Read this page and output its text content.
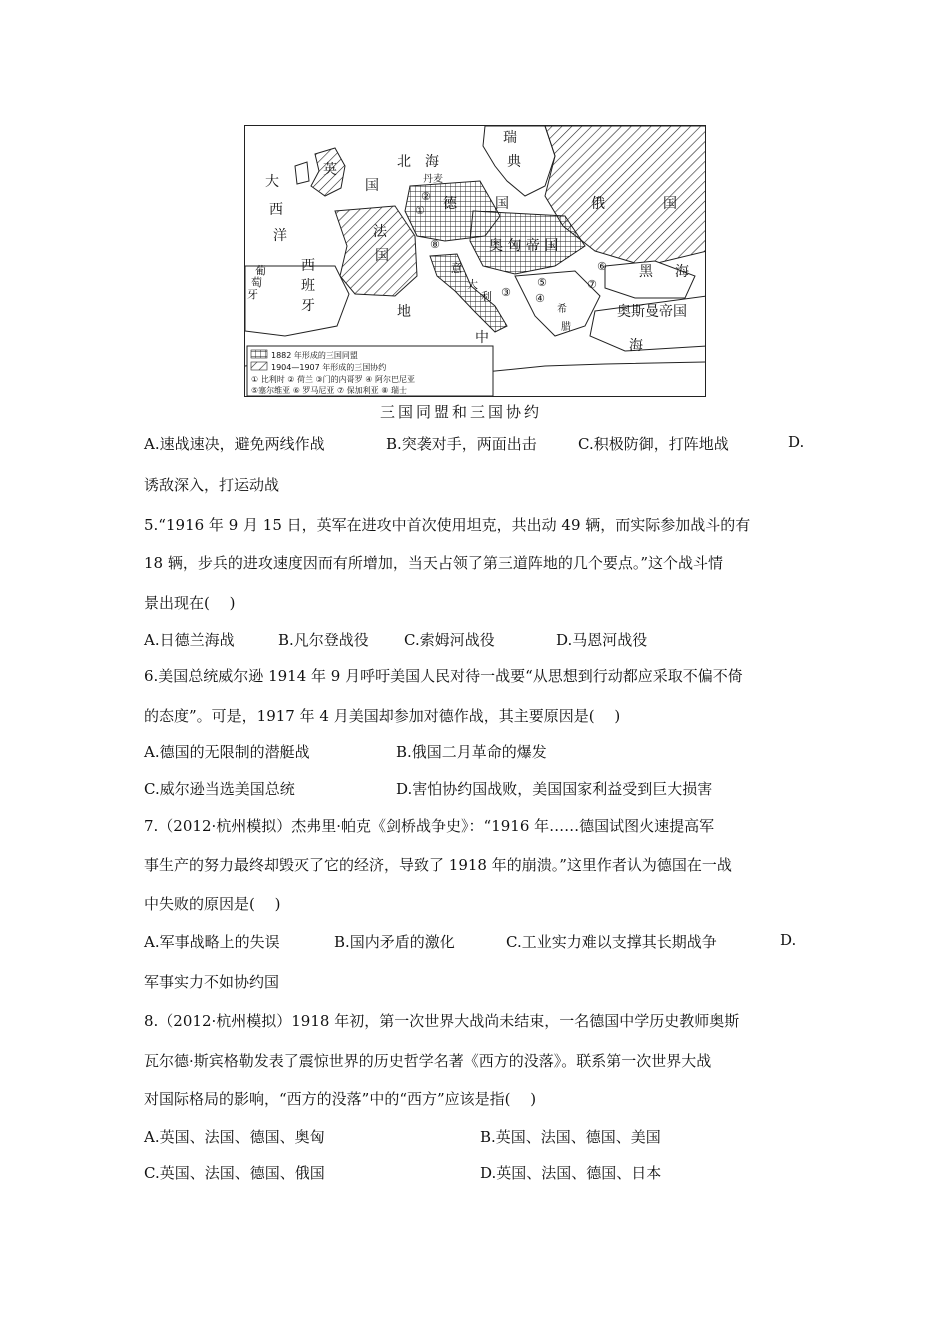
瑞
典
北 海
丹麦
英
国
大
西
洋
德	国	俄	国
法
国
奥 匈 帝 国
西
班
牙
葡
萄
牙
意
大
利
地
中
黑 海
奥斯曼帝国
希
腊
海
①
②
③ ④
⑤
⑥
⑦
⑧
1882 年形成的三国同盟
1904—1907 年形成的三国协约
① 比利时 ② 荷兰 ③门的内哥罗 ④ 阿尔巴尼亚
⑤塞尔维亚 ⑥ 罗马尼亚 ⑦ 保加利亚 ⑧ 瑞士
三国同盟和三国协约
A.速战速决，避免两线作战	B.突袭对手，两面出击	C.积极防御，打阵地战	D.
诱敌深入，打运动战
5.“1916 年 9 月 15 日，英军在进攻中首次使用坦克，共出动 49 辆，而实际参加战斗的有
18 辆，步兵的进攻速度因而有所增加，当天占领了第三道阵地的几个要点。”这个战斗情
景出现在(　 )
A.日德兰海战	B.凡尔登战役 C.索姆河战役	D.马恩河战役
6.美国总统威尔逊 1914 年 9 月呼吁美国人民对待一战要“从思想到行动都应采取不偏不倚
的态度”。可是，1917 年 4 月美国却参加对德作战，其主要原因是(　 )
A.德国的无限制的潜艇战	B.俄国二月革命的爆发
C.威尔逊当选美国总统	D.害怕协约国战败，美国国家利益受到巨大损害
7.（2012·杭州模拟）杰弗里·帕克《剑桥战争史》：“1916 年……德国试图火速提高军
事生产的努力最终却毁灭了它的经济，导致了 1918 年的崩溃。”这里作者认为德国在一战
中失败的原因是(　 )
A.军事战略上的失误	B.国内矛盾的激化	C.工业实力难以支撑其长期战争	D.
军事实力不如协约国
8.（2012·杭州模拟）1918 年初，第一次世界大战尚未结束，一名德国中学历史教师奥斯
瓦尔德·斯宾格勒发表了震惊世界的历史哲学名著《西方的没落》。联系第一次世界大战
对国际格局的影响，“西方的没落”中的“西方”应该是指(　 )
A.英国、法国、德国、奥匈	B.英国、法国、德国、美国
C.英国、法国、德国、俄国	D.英国、法国、德国、日本
